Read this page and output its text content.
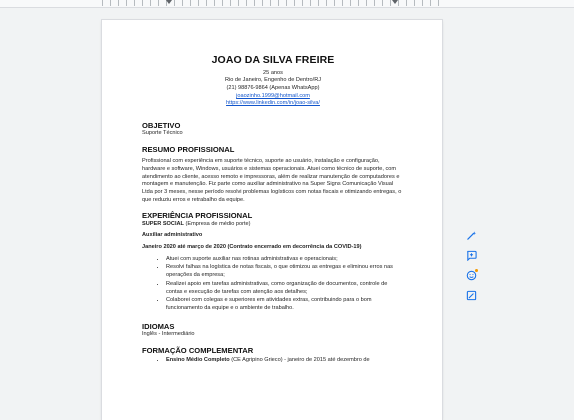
JOAO DA SILVA FREIRE
25 anos
Rio de Janeiro, Engenho de Dentro/RJ
(21) 98876-9864 (Apenas WhatsApp)
joaozinho.1999@hotmail.com
https://www.linkedin.com/in/joao-silva/
OBJETIVO
Suporte Técnico
RESUMO PROFISSIONAL
Profissional com experiência em suporte técnico, suporte ao usuário, instalação e configuração, hardware e software, Windows, usuários e sistemas operacionais. Atuei como técnico de suporte, com atendimento ao cliente, acesso remoto e impressoras, além de realizar manutenção de computadores e montagem e manutenção. Fiz parte como auxiliar administrativo na Super Signs Comunicação Visual Ltda por 3 meses, nesse período resolvi problemas logísticos com notas fiscais e otimizando entregas, o que reduziu erros e retrabalho da equipe.
EXPERIÊNCIA PROFISSIONAL
SUPER SOCIAL (Empresa de médio porte)
Auxiliar administrativo
Janeiro 2020 até março de 2020 (Contrato encerrado em decorrência da COVID-19)
• Atuei com suporte auxiliar nas rotinas administrativas e operacionais;
• Resolvi falhas na logística de notas fiscais, o que otimizou as entregas e eliminou erros nas operações da empresa;
• Realizei apoio em tarefas administrativas, como organização de documentos, controle de contas e execução de tarefas com atenção aos detalhes;
• Colaborei com colegas e superiores em atividades extras, contribuindo para o bom funcionamento da equipe e o ambiente de trabalho.
IDIOMAS
Inglês - Intermediário
FORMAÇÃO COMPLEMENTAR
• Ensino Médio Completo (CE Agripino Grieco) - janeiro de 2015 até dezembro de
